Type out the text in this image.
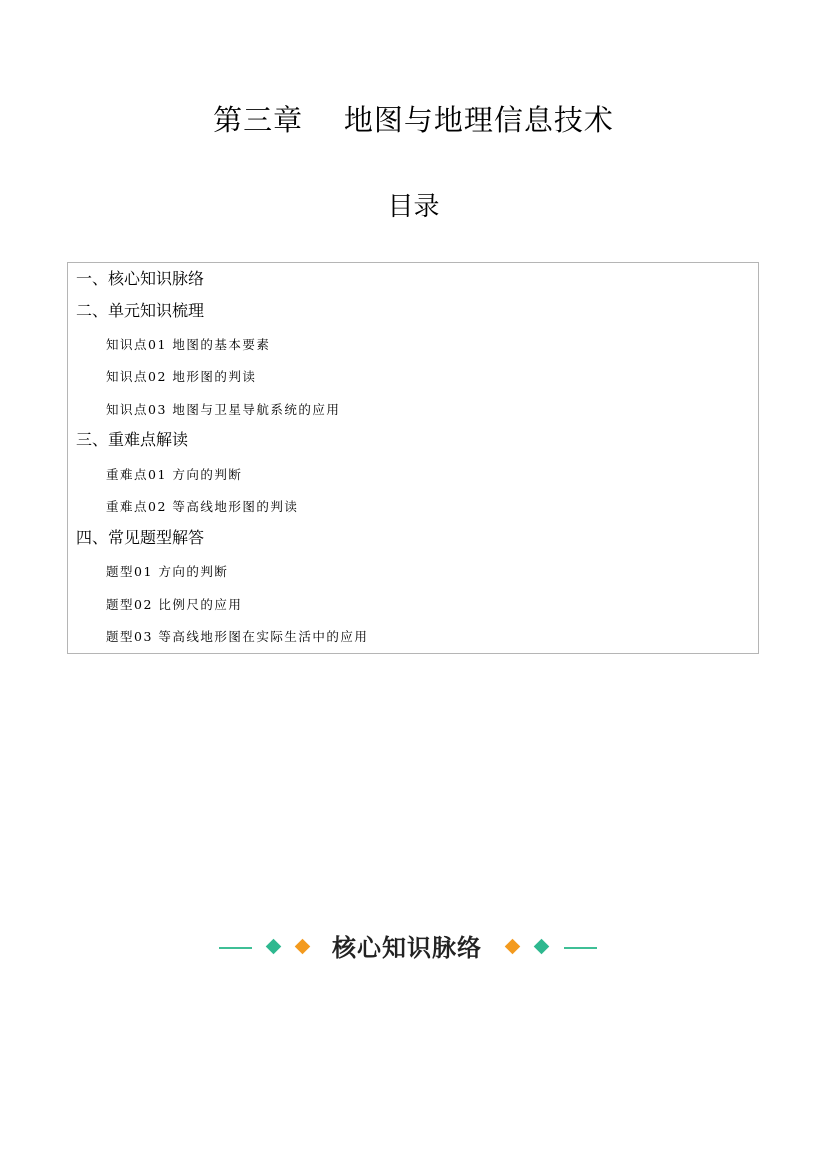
第三章    地图与地理信息技术
目录
一、核心知识脉络
二、单元知识梳理
知识点01 地图的基本要素
知识点02 地形图的判读
知识点03 地图与卫星导航系统的应用
三、重难点解读
重难点01 方向的判断
重难点02 等高线地形图的判读
四、常见题型解答
题型01 方向的判断
题型02 比例尺的应用
题型03 等高线地形图在实际生活中的应用
核心知识脉络
